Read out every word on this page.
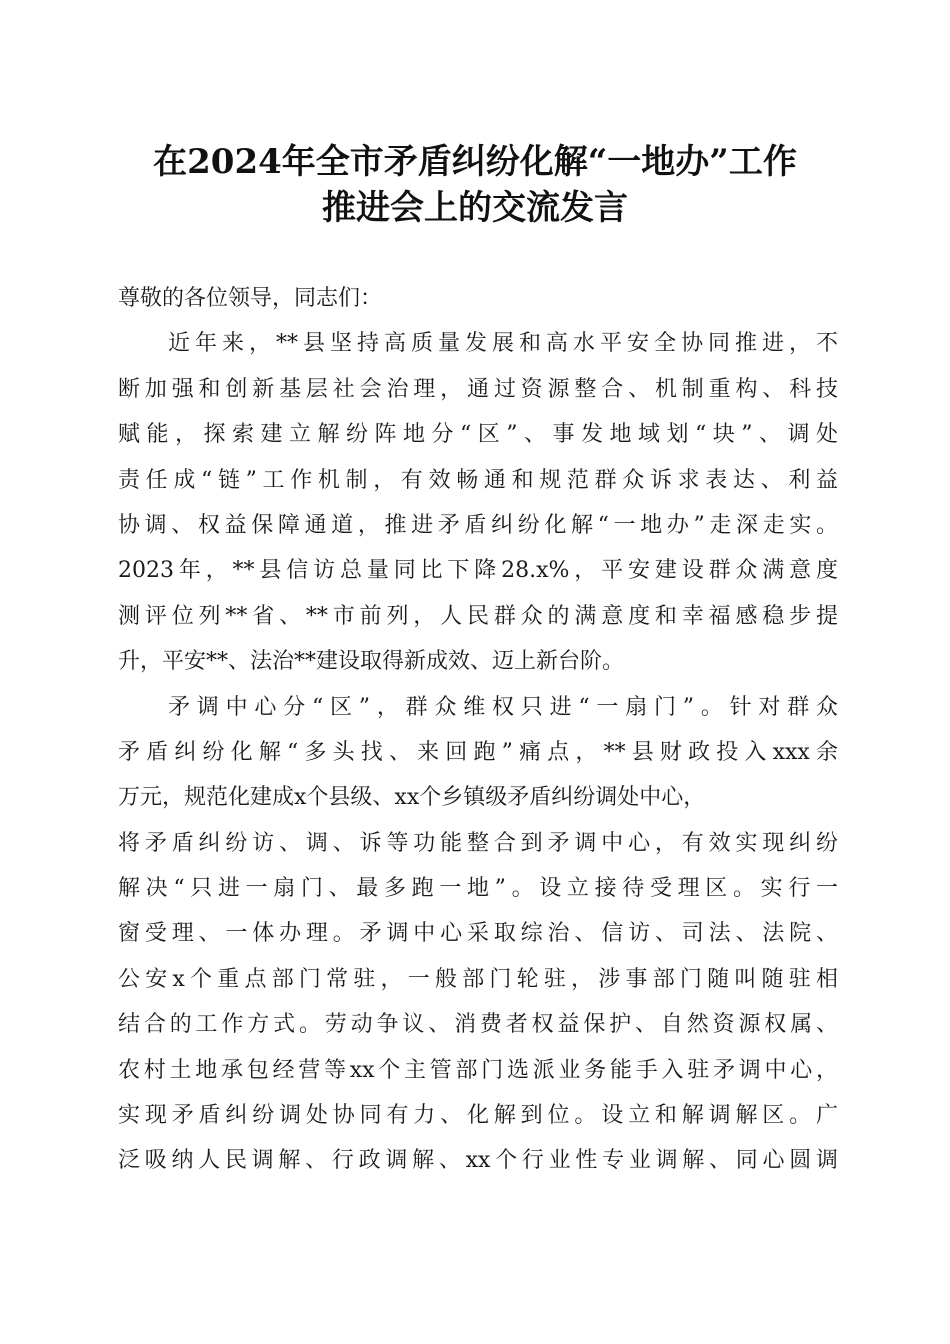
在2024年全市矛盾纠纷化解“一地办”工作
推进会上的交流发言
尊敬的各位领导，同志们：
近年来，**县坚持高质量发展和高水平安全协同推进，不
断加强和创新基层社会治理，通过资源整合、机制重构、科技
赋能，探索建立解纷阵地分“区”、事发地域划“块”、调处
责任成“链”工作机制，有效畅通和规范群众诉求表达、利益
协调、权益保障通道，推进矛盾纠纷化解“一地办”走深走实。
2023年，**县信访总量同比下降28.x%，平安建设群众满意度
测评位列**省、**市前列，人民群众的满意度和幸福感稳步提
升，平安**、法治**建设取得新成效、迈上新台阶。
矛调中心分“区”，群众维权只进“一扇门”。针对群众
矛盾纠纷化解“多头找、来回跑”痛点，**县财政投入xxx余
万元，规范化建成x个县级、xx个乡镇级矛盾纠纷调处中心，
将矛盾纠纷访、调、诉等功能整合到矛调中心，有效实现纠纷
解决“只进一扇门、最多跑一地”。设立接待受理区。实行一
窗受理、一体办理。矛调中心采取综治、信访、司法、法院、
公安x个重点部门常驻，一般部门轮驻，涉事部门随叫随驻相
结合的工作方式。劳动争议、消费者权益保护、自然资源权属、
农村土地承包经营等xx个主管部门选派业务能手入驻矛调中心，
实现矛盾纠纷调处协同有力、化解到位。设立和解调解区。广
泛吸纳人民调解、行政调解、xx个行业性专业调解、同心圆调
